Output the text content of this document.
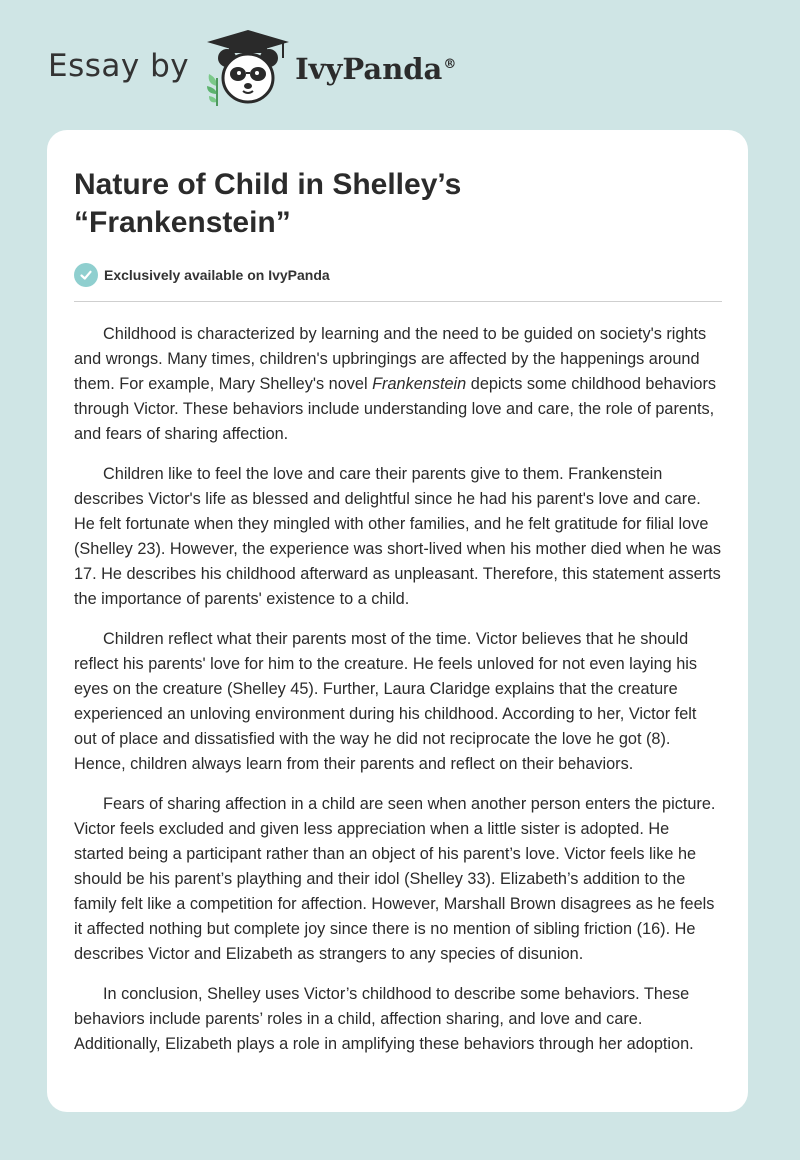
Essay by	IvyPanda®
Nature of Child in Shelley’s “Frankenstein”
Exclusively available on IvyPanda

Childhood is characterized by learning and the need to be guided on society's rights and wrongs. Many times, children's upbringings are affected by the happenings around them. For example, Mary Shelley's novel Frankenstein depicts some childhood behaviors through Victor. These behaviors include understanding love and care, the role of parents, and fears of sharing affection.

Children like to feel the love and care their parents give to them. Frankenstein describes Victor's life as blessed and delightful since he had his parent's love and care. He felt fortunate when they mingled with other families, and he felt gratitude for filial love (Shelley 23). However, the experience was short-lived when his mother died when he was 17. He describes his childhood afterward as unpleasant. Therefore, this statement asserts the importance of parents' existence to a child.

Children reflect what their parents most of the time. Victor believes that he should reflect his parents' love for him to the creature. He feels unloved for not even laying his eyes on the creature (Shelley 45). Further, Laura Claridge explains that the creature experienced an unloving environment during his childhood. According to her, Victor felt out of place and dissatisfied with the way he did not reciprocate the love he got (8). Hence, children always learn from their parents and reflect on their behaviors.

Fears of sharing affection in a child are seen when another person enters the picture. Victor feels excluded and given less appreciation when a little sister is adopted. He started being a participant rather than an object of his parent’s love. Victor feels like he should be his parent’s plaything and their idol (Shelley 33). Elizabeth’s addition to the family felt like a competition for affection. However, Marshall Brown disagrees as he feels it affected nothing but complete joy since there is no mention of sibling friction (16). He describes Victor and Elizabeth as strangers to any species of disunion.

In conclusion, Shelley uses Victor’s childhood to describe some behaviors. These behaviors include parents’ roles in a child, affection sharing, and love and care. Additionally, Elizabeth plays a role in amplifying these behaviors through her adoption.
